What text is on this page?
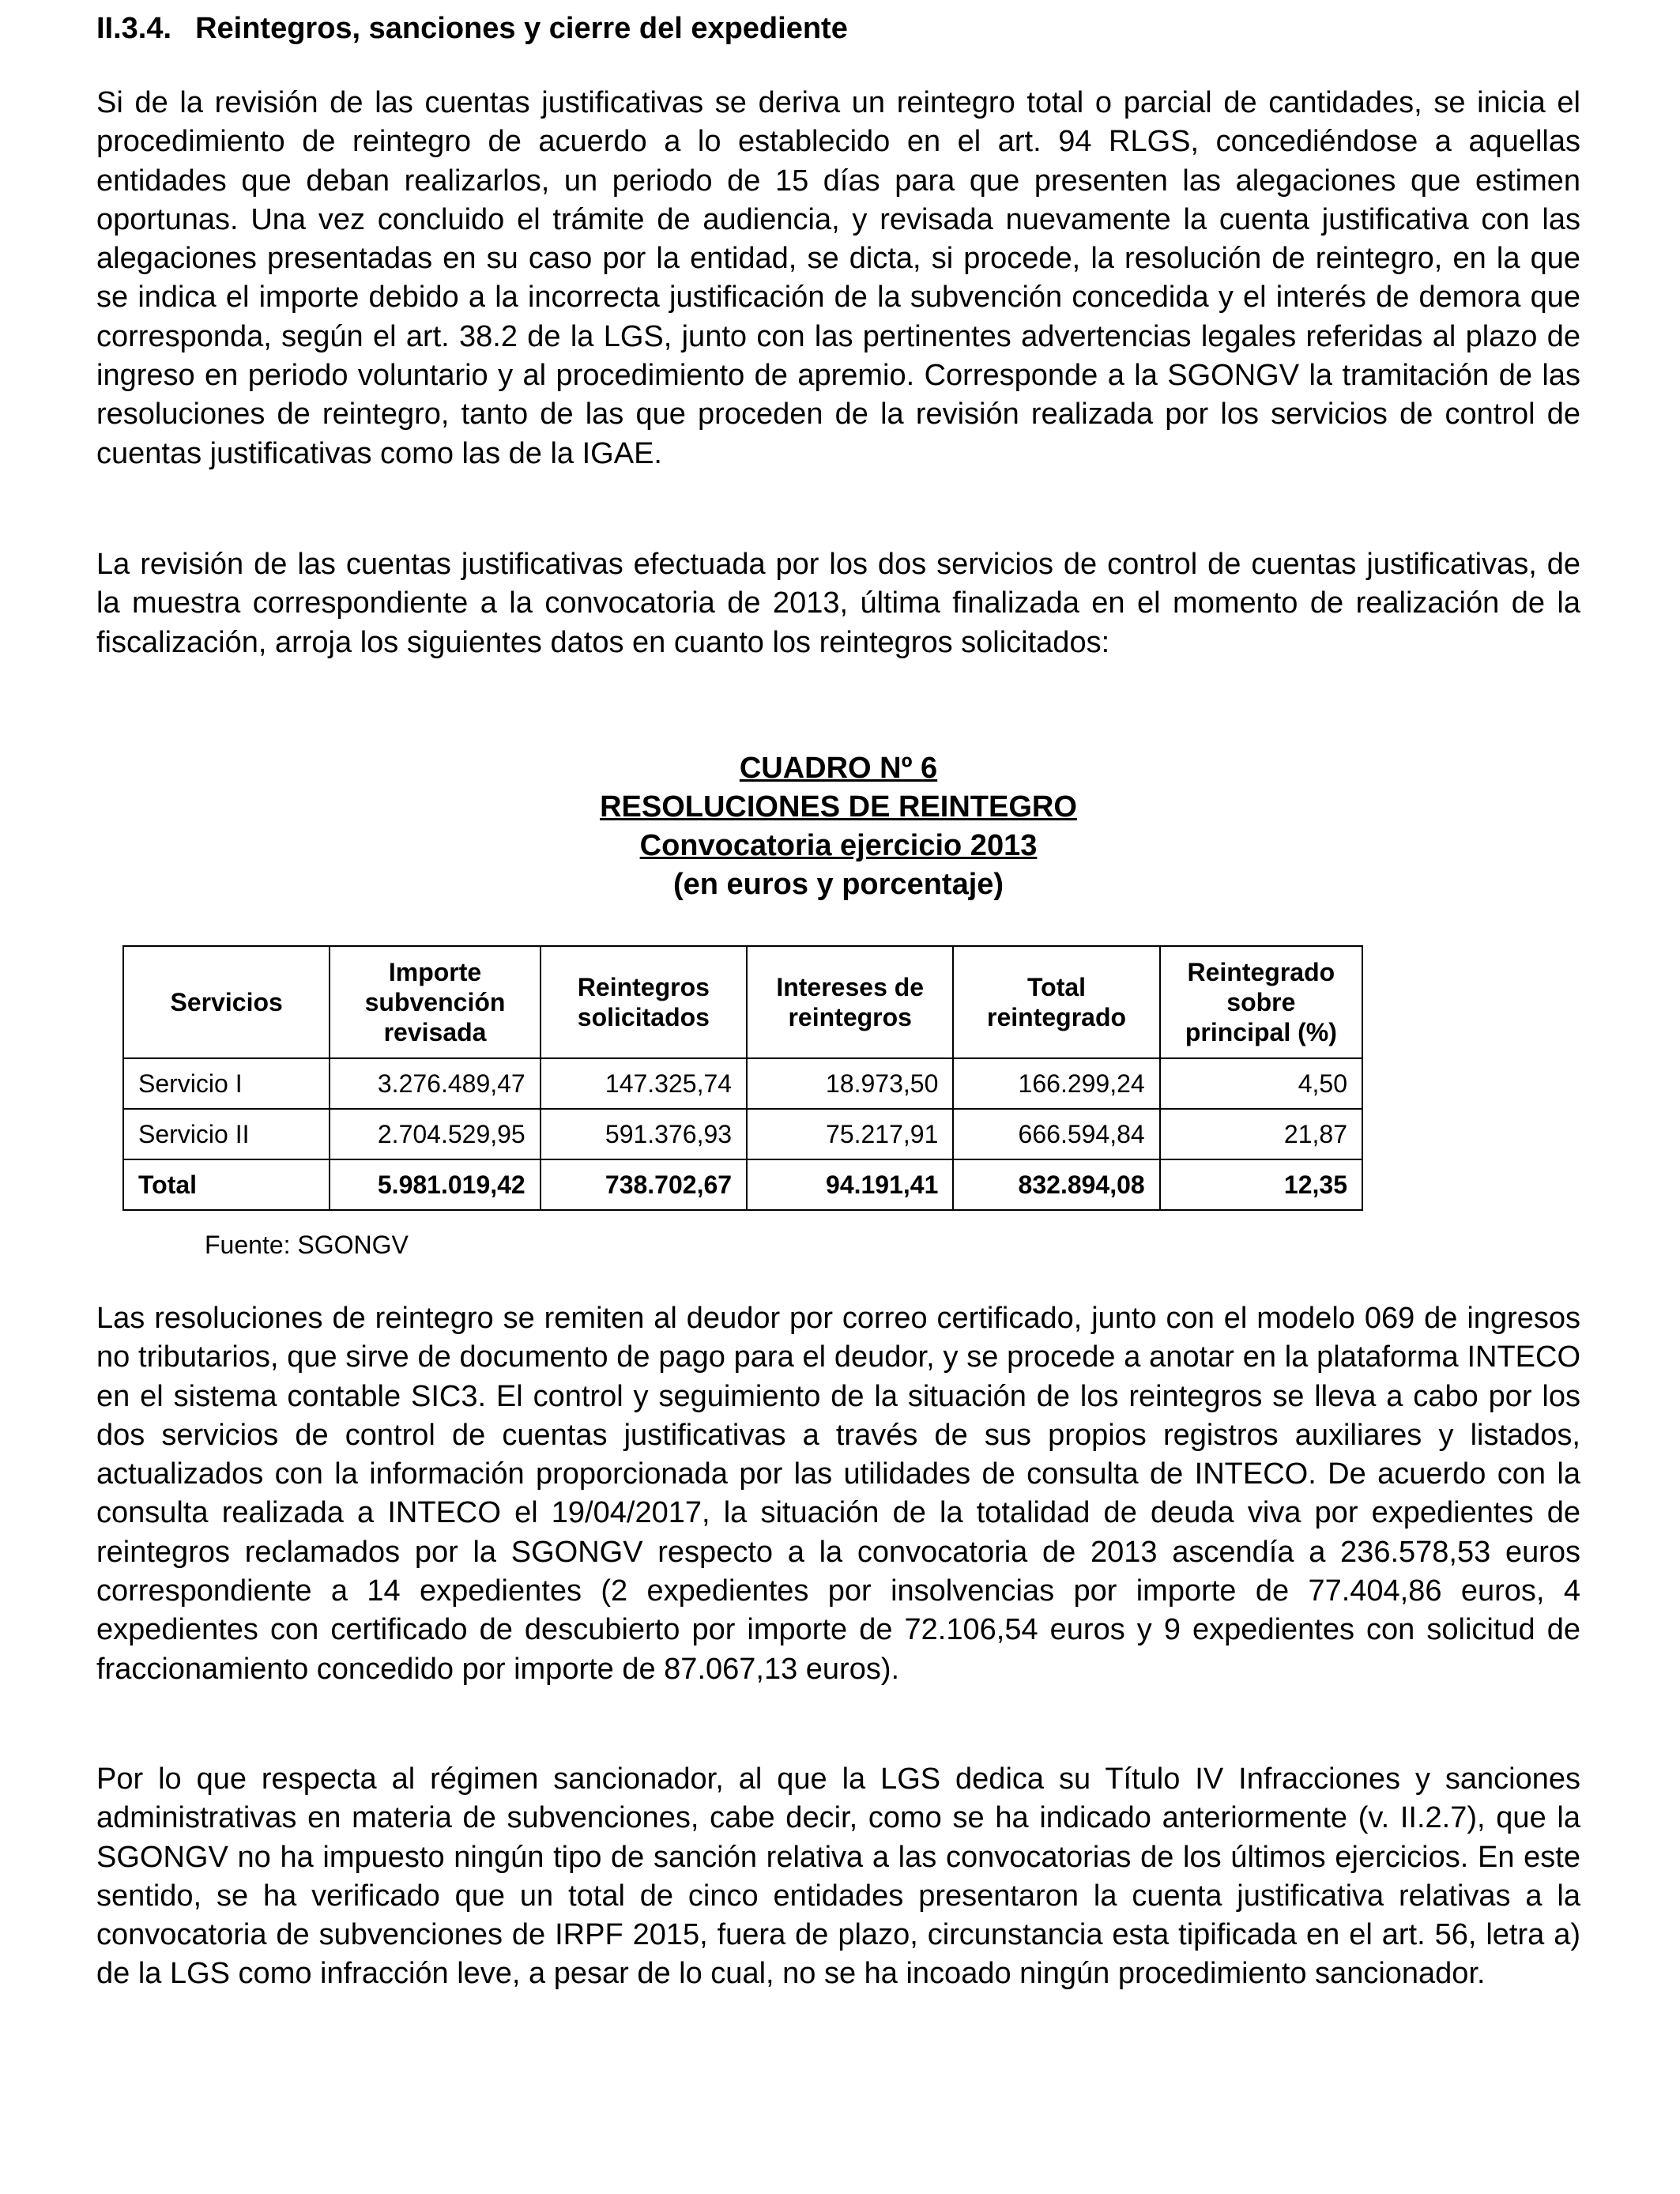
II.3.4. Reintegros, sanciones y cierre del expediente

Si de la revisión de las cuentas justificativas se deriva un reintegro total o parcial de cantidades, se inicia el procedimiento de reintegro de acuerdo a lo establecido en el art. 94 RLGS, concediéndose a aquellas entidades que deban realizarlos, un periodo de 15 días para que presenten las alegaciones que estimen oportunas. Una vez concluido el trámite de audiencia, y revisada nuevamente la cuenta justificativa con las alegaciones presentadas en su caso por la entidad, se dicta, si procede, la resolución de reintegro, en la que se indica el importe debido a la incorrecta justificación de la subvención concedida y el interés de demora que corresponda, según el art. 38.2 de la LGS, junto con las pertinentes advertencias legales referidas al plazo de ingreso en periodo voluntario y al procedimiento de apremio. Corresponde a la SGONGV la tramitación de las resoluciones de reintegro, tanto de las que proceden de la revisión realizada por los servicios de control de cuentas justificativas como las de la IGAE.

La revisión de las cuentas justificativas efectuada por los dos servicios de control de cuentas justificativas, de la muestra correspondiente a la convocatoria de 2013, última finalizada en el momento de realización de la fiscalización, arroja los siguientes datos en cuanto los reintegros solicitados:

CUADRO Nº 6
RESOLUCIONES DE REINTEGRO
Convocatoria ejercicio 2013
(en euros y porcentaje)
Fuente: SGONGV

Las resoluciones de reintegro se remiten al deudor por correo certificado, junto con el modelo 069 de ingresos no tributarios, que sirve de documento de pago para el deudor, y se procede a anotar en la plataforma INTECO en el sistema contable SIC3. El control y seguimiento de la situación de los reintegros se lleva a cabo por los dos servicios de control de cuentas justificativas a través de sus propios registros auxiliares y listados, actualizados con la información proporcionada por las utilidades de consulta de INTECO. De acuerdo con la consulta realizada a INTECO el 19/04/2017, la situación de la totalidad de deuda viva por expedientes de reintegros reclamados por la SGONGV respecto a la convocatoria de 2013 ascendía a 236.578,53 euros correspondiente a 14 expedientes (2 expedientes por insolvencias por importe de 77.404,86 euros, 4 expedientes con certificado de descubierto por importe de 72.106,54 euros y 9 expedientes con solicitud de fraccionamiento concedido por importe de 87.067,13 euros).

Por lo que respecta al régimen sancionador, al que la LGS dedica su Título IV Infracciones y sanciones administrativas en materia de subvenciones, cabe decir, como se ha indicado anteriormente (v. II.2.7), que la SGONGV no ha impuesto ningún tipo de sanción relativa a las convocatorias de los últimos ejercicios. En este sentido, se ha verificado que un total de cinco entidades presentaron la cuenta justificativa relativas a la convocatoria de subvenciones de IRPF 2015, fuera de plazo, circunstancia esta tipificada en el art. 56, letra a) de la LGS como infracción leve, a pesar de lo cual, no se ha incoado ningún procedimiento sancionador.

Servicios	Importe subvención revisada	Reintegros solicitados	Intereses de reintegros	Total reintegrado	Reintegrado sobre principal (%)
Servicio I	3.276.489,47	147.325,74	18.973,50	166.299,24	4,50
Servicio II	2.704.529,95	591.376,93	75.217,91	666.594,84	21,87
Total	5.981.019,42	738.702,67	94.191,41	832.894,08	12,35
